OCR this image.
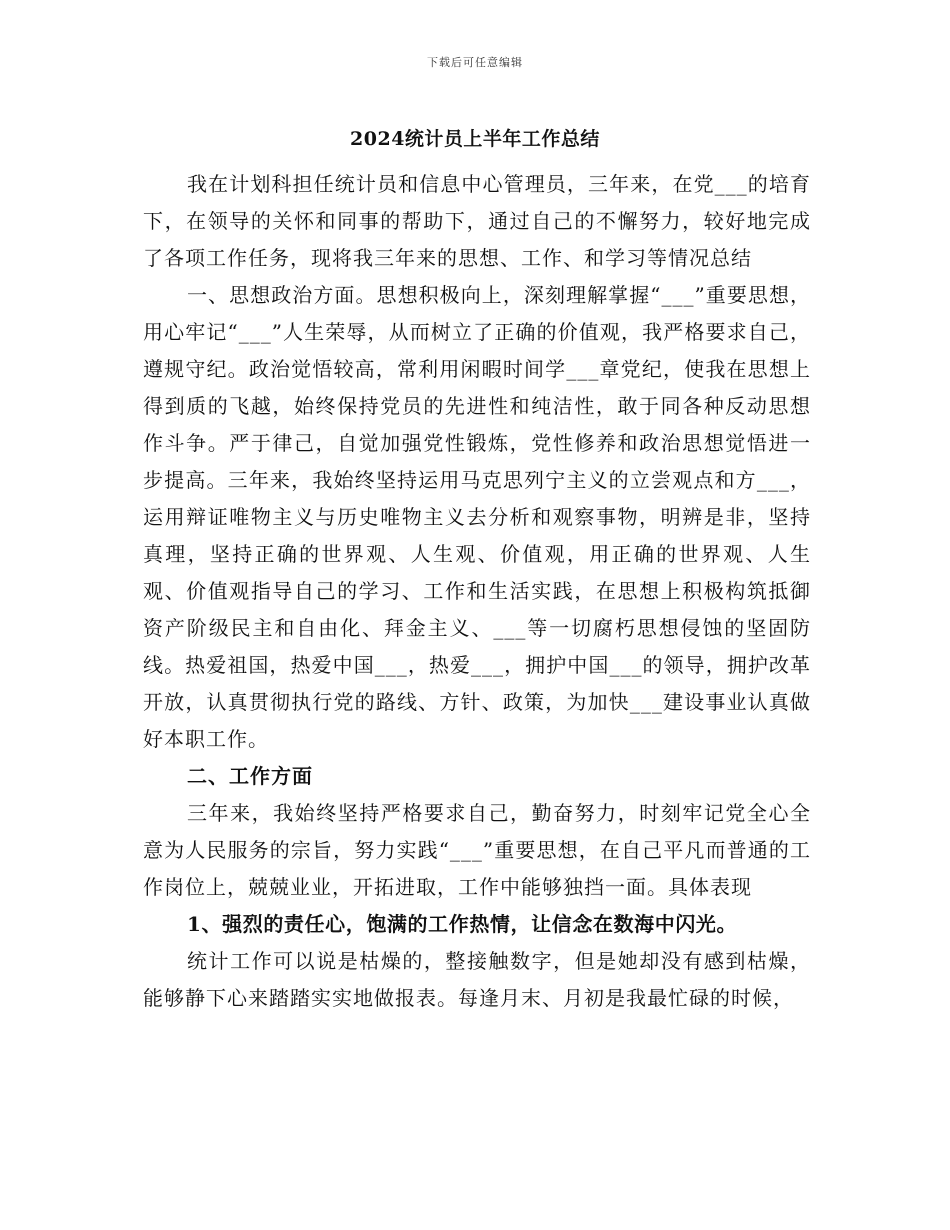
下载后可任意编辑
2024统计员上半年工作总结

我在计划科担任统计员和信息中心管理员，三年来，在党___的培育下，在领导的关怀和同事的帮助下，通过自己的不懈努力，较好地完成了各项工作任务，现将我三年来的思想、工作、和学习等情况总结

一、思想政治方面。思想积极向上，深刻理解掌握“___”重要思想，用心牢记“___”人生荣辱，从而树立了正确的价值观，我严格要求自己，遵规守纪。政治觉悟较高，常利用闲暇时间学___章党纪，使我在思想上得到质的飞越，始终保持党员的先进性和纯洁性，敢于同各种反动思想作斗争。严于律己，自觉加强党性锻炼，党性修养和政治思想觉悟进一步提高。三年来，我始终坚持运用马克思列宁主义的立尝观点和方___，运用辩证唯物主义与历史唯物主义去分析和观察事物，明辨是非，坚持真理，坚持正确的世界观、人生观、价值观，用正确的世界观、人生观、价值观指导自己的学习、工作和生活实践，在思想上积极构筑抵御资产阶级民主和自由化、拜金主义、___等一切腐朽思想侵蚀的坚固防线。热爱祖国，热爱中国___，热爱___，拥护中国___的领导，拥护改革开放，认真贯彻执行党的路线、方针、政策，为加快___建设事业认真做好本职工作。

二、工作方面

三年来，我始终坚持严格要求自己，勤奋努力，时刻牢记党全心全意为人民服务的宗旨，努力实践“___”重要思想，在自己平凡而普通的工作岗位上，兢兢业业，开拓进取，工作中能够独挡一面。具体表现

1、强烈的责任心，饱满的工作热情，让信念在数海中闪光。

统计工作可以说是枯燥的，整接触数字，但是她却没有感到枯燥，能够静下心来踏踏实实地做报表。每逢月末、月初是我最忙碌的时候，
